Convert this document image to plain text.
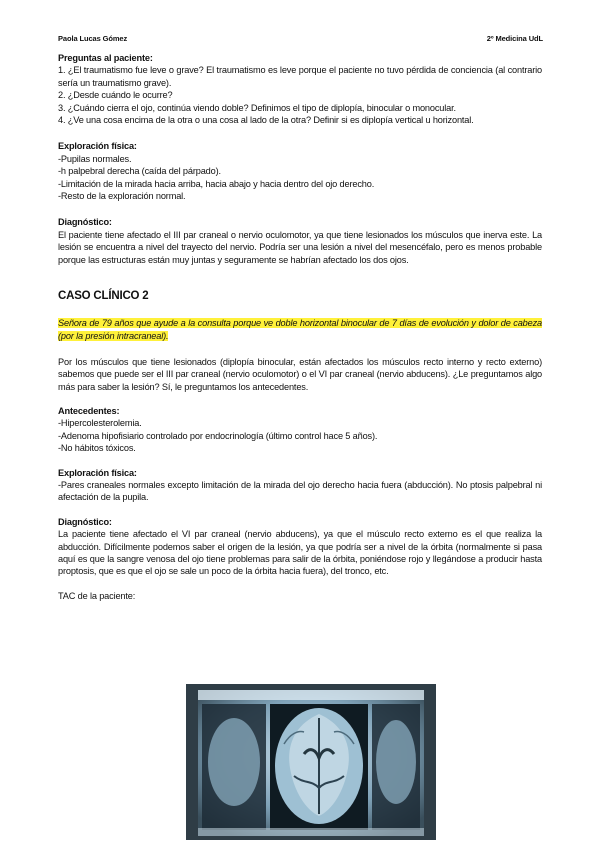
Paola Lucas Gómez	2º Medicina UdL
Preguntas al paciente:
1. ¿El traumatismo fue leve o grave? El traumatismo es leve porque el paciente no tuvo pérdida de conciencia (al contrario sería un traumatismo grave).
2. ¿Desde cuándo le ocurre?
3. ¿Cuándo cierra el ojo, continúa viendo doble? Definimos el tipo de diplopía, binocular o monocular.
4. ¿Ve una cosa encima de la otra o una cosa al lado de la otra? Definir si es diplopía vertical u horizontal.
Exploración física:
-Pupilas normales.
-h palpebral derecha (caída del párpado).
-Limitación de la mirada hacia arriba, hacia abajo y hacia dentro del ojo derecho.
-Resto de la exploración normal.
Diagnóstico:
El paciente tiene afectado el III par craneal o nervio oculomotor, ya que tiene lesionados los músculos que inerva este. La lesión se encuentra a nivel del trayecto del nervio. Podría ser una lesión a nivel del mesencéfalo, pero es menos probable porque las estructuras están muy juntas y seguramente se habrían afectado los dos ojos.
CASO CLÍNICO 2
Señora de 79 años que ayude a la consulta porque ve doble horizontal binocular de 7 días de evolución y dolor de cabeza (por la presión intracraneal).
Por los músculos que tiene lesionados (diplopía binocular, están afectados los músculos recto interno y recto externo) sabemos que puede ser el III par craneal (nervio oculomotor) o el VI par craneal (nervio abducens). ¿Le preguntamos algo más para saber la lesión? Sí, le preguntamos los antecedentes.
Antecedentes:
-Hipercolesterolemia.
-Adenoma hipofisiario controlado por endocrinología (último control hace 5 años).
-No hábitos tóxicos.
Exploración física:
-Pares craneales normales excepto limitación de la mirada del ojo derecho hacia fuera (abducción). No ptosis palpebral ni afectación de la pupila.
Diagnóstico:
La paciente tiene afectado el VI par craneal (nervio abducens), ya que el músculo recto externo es el que realiza la abducción. Difícilmente podemos saber el origen de la lesión, ya que podría ser a nivel de la órbita (normalmente si pasa aquí es que la sangre venosa del ojo tiene problemas para salir de la órbita, poniéndose rojo y llegándose a producir hasta proptosis, que es que el ojo se sale un poco de la órbita hacia fuera), del tronco, etc.
TAC de la paciente:
